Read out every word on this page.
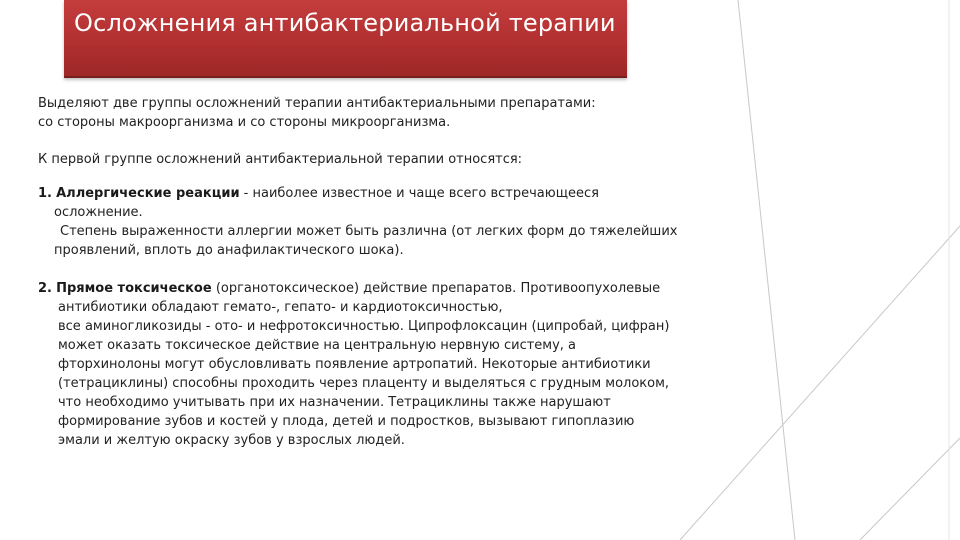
Осложнения антибактериальной терапии

Выделяют две группы осложнений терапии антибактериальными препаратами:

со стороны макроорганизма и со стороны микроорганизма.

К первой группе осложнений антибактериальной терапии относятся:

1. Аллергические реакции - наиболее известное и чаще всего встречающееся

осложнение.

Степень выраженности аллергии может быть различна (от легких форм до тяжелейших

проявлений, вплоть до анафилактического шока).

2. Прямое токсическое (органотоксическое) действие препаратов. Противоопухолевые

антибиотики обладают гемато-, гепато- и кардиотоксичностью,

все аминогликозиды - ото- и нефротоксичностью. Ципрофлоксацин (ципробай, цифран)

может оказать токсическое действие на центральную нервную систему, а

фторхинолоны могут обусловливать появление артропатий. Некоторые антибиотики

(тетрациклины) способны проходить через плаценту и выделяться с грудным молоком,

что необходимо учитывать при их назначении. Тетрациклины также нарушают

формирование зубов и костей у плода, детей и подростков, вызывают гипоплазию

эмали и желтую окраску зубов у взрослых людей.
